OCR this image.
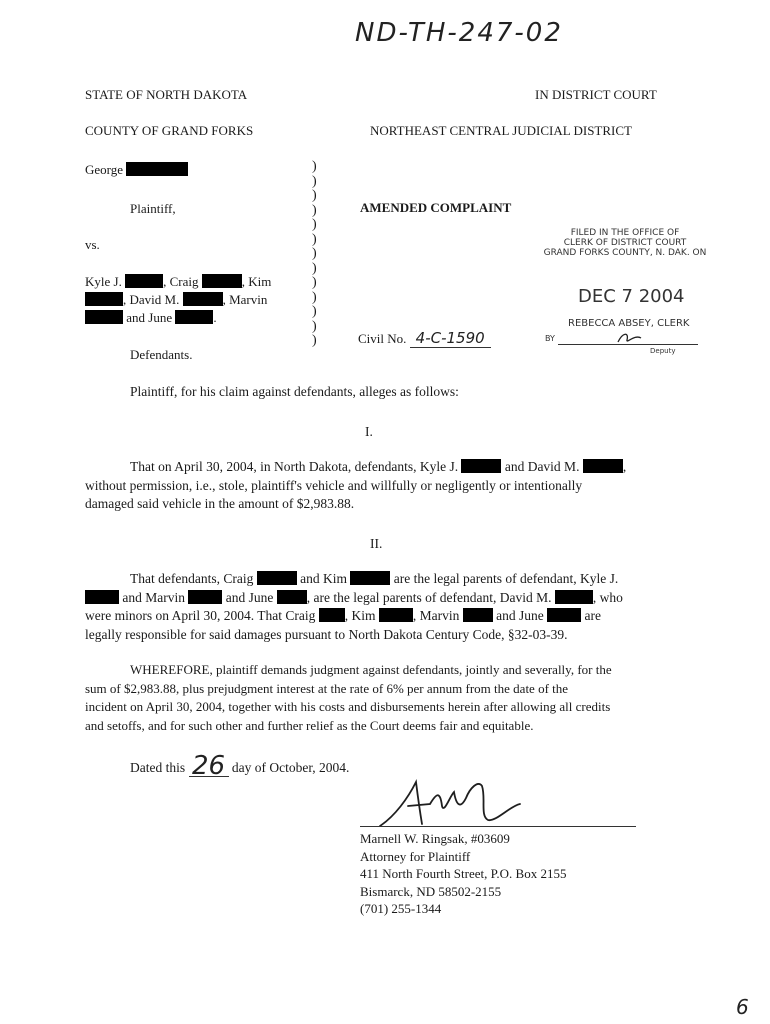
ND-TH-247-02
STATE OF NORTH DAKOTA	IN DISTRICT COURT
COUNTY OF GRAND FORKS	NORTHEAST CENTRAL JUDICIAL DISTRICT
George
Plaintiff,
vs.
Kyle J.	, Craig	, Kim
, David M.	, Marvin
and June	.
Defendants.
)
)
)
)
)
)
)
)
)
)
)
)
)
AMENDED COMPLAINT
Civil No. 4-C-1590
FILED IN THE OFFICE OF
CLERK OF DISTRICT COURT
GRAND FORKS COUNTY, N. DAK. ON
DEC 7 2004
REBECCA ABSEY, CLERK
BY
Deputy
Plaintiff, for his claim against defendants, alleges as follows:
I.
That on April 30, 2004, in North Dakota, defendants, Kyle J.	and David M.	,
without permission, i.e., stole, plaintiff's vehicle and willfully or negligently or intentionally
damaged said vehicle in the amount of $2,983.88.
II.
That defendants, Craig	and Kim	are the legal parents of defendant, Kyle J.
and Marvin	and June , are the legal parents of defendant, David M.	, who
were minors on April 30, 2004. That Craig , Kim	, Marvin	and June	are
legally responsible for said damages pursuant to North Dakota Century Code, §32-03-39.
WHEREFORE, plaintiff demands judgment against defendants, jointly and severally, for the
sum of $2,983.88, plus prejudgment interest at the rate of 6% per annum from the date of the
incident on April 30, 2004, together with his costs and disbursements herein after allowing all credits
and setoffs, and for such other and further relief as the Court deems fair and equitable.
Dated this 26 day of October, 2004.
Marnell W. Ringsak, #03609
Attorney for Plaintiff
411 North Fourth Street, P.O. Box 2155
Bismarck, ND 58502-2155
(701) 255-1344
6
